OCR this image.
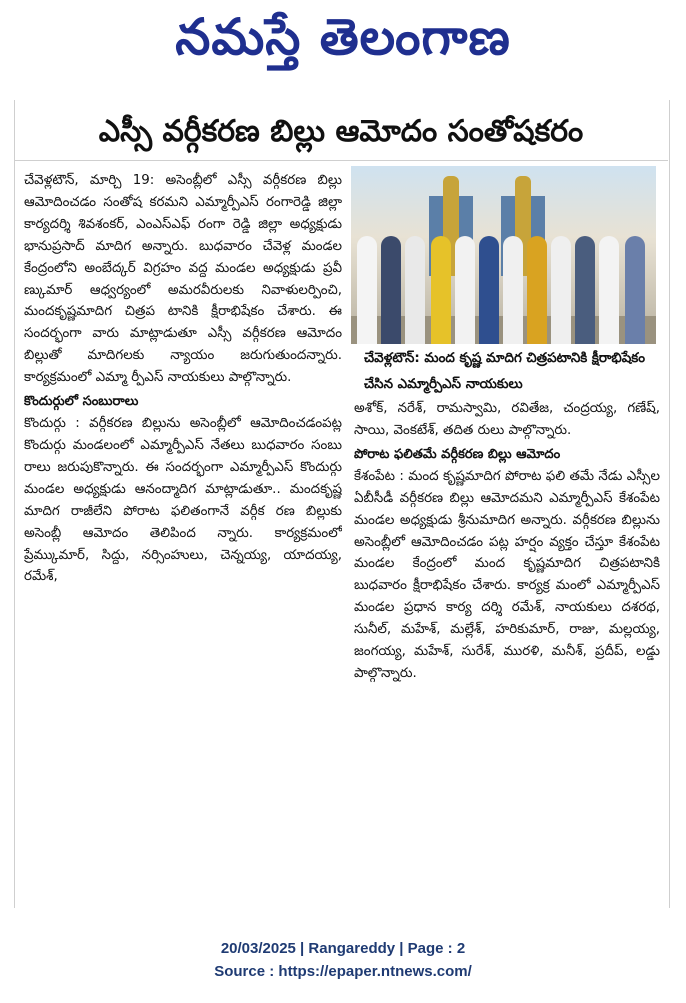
నమస్తే తెలంగాణ
ఎస్సీ వర్గీకరణ బిల్లు ఆమోదం సంతోషకరం

చేవెళ్లటౌన్, మార్చి 19: అసెంబ్లీలో ఎస్సీ వర్గీకరణ బిల్లు ఆమోదించడం సంతోష కరమని ఎమ్మార్పీఎస్ రంగారెడ్డి జిల్లా కార్యదర్శి శివశంకర్, ఎంఎస్ఎఫ్ రంగా రెడ్డి జిల్లా అధ్యక్షుడు భానుప్రసాద్ మాదిగ అన్నారు. బుధవారం చేవెళ్ల మండల కేంద్రంలోని అంబేద్కర్ విగ్రహం వద్ద మండల అధ్యక్షుడు ప్రవీ ణ్కుమార్ ఆధ్వర్యంలో అమరవీరులకు నివాళులర్పించి, మందకృష్ణమాదిగ చిత్రప టానికి క్షీరాభిషేకం చేశారు. ఈ సందర్భంగా వారు మాట్లాడుతూ ఎస్సీ వర్గీకరణ ఆమోదం బిల్లుతో మాదిగలకు న్యాయం జరుగుతుందన్నారు. కార్యక్రమంలో ఎమ్మా ర్పీఎస్ నాయకులు పాల్గొన్నారు.

కొందుర్గులో సంబురాలు

కొందుర్గు : వర్గీకరణ బిల్లును అసెంబ్లీలో ఆమోదించడంపట్ల కొందుర్గు మండలంలో ఎమ్మార్పీఎస్ నేతలు బుధవారం సంబు రాలు జరుపుకొన్నారు. ఈ సందర్భంగా ఎమ్మార్పీఎస్ కొందుర్గు మండల అధ్యక్షుడు ఆనంద్మాదిగ మాట్లాడుతూ.. మందకృష్ణ మాదిగ రాజీలేని పోరాట ఫలితంగానే వర్గీక రణ బిల్లుకు అసెంబ్లీ ఆమోదం తెలిపింద న్నారు. కార్యక్రమంలో ప్రేమ్కుమార్, సిద్దు, నర్సింహులు, చెన్నయ్య, యాదయ్య, రమేశ్,

చేవెళ్లటౌన్: మంద కృష్ణ మాదిగ చిత్రపటానికి క్షీరాభిషేకం చేసిన ఎమ్మార్పీఎస్ నాయకులు

అశోక్, నరేశ్, రామస్వామి, రవితేజ, చంద్రయ్య, గణేష్, సాయి, వెంకటేశ్, తదిత రులు పాల్గొన్నారు.

పోరాట ఫలితమే వర్గీకరణ బిల్లు ఆమోదం

కేశంపేట : మంద కృష్ణమాదిగ పోరాట ఫలి తమే నేడు ఎస్సీల ఏబీసీడీ వర్గీకరణ బిల్లు ఆమోదమని ఎమ్మార్పీఎస్ కేశంపేట మండల అధ్యక్షుడు శ్రీనుమాదిగ అన్నారు. వర్గీకరణ బిల్లును అసెంబ్లీలో ఆమోదించడం పట్ల హర్షం వ్యక్తం చేస్తూ కేశంపేట మండల కేంద్రంలో మంద కృష్ణమాదిగ చిత్రపటానికి బుధవారం క్షీరాభిషేకం చేశారు. కార్యక్ర మంలో ఎమ్మార్పీఎస్ మండల ప్రధాన కార్య దర్శి రమేశ్, నాయకులు దశరథ, సునీల్, మహేశ్, మల్లేశ్, హరికుమార్, రాజు, మల్లయ్య, జంగయ్య, మహేశ్, సురేశ్, మురళి, మనీశ్, ప్రదీప్, లడ్డు పాల్గొన్నారు.

20/03/2025 | Rangareddy | Page : 2
Source : https://epaper.ntnews.com/
